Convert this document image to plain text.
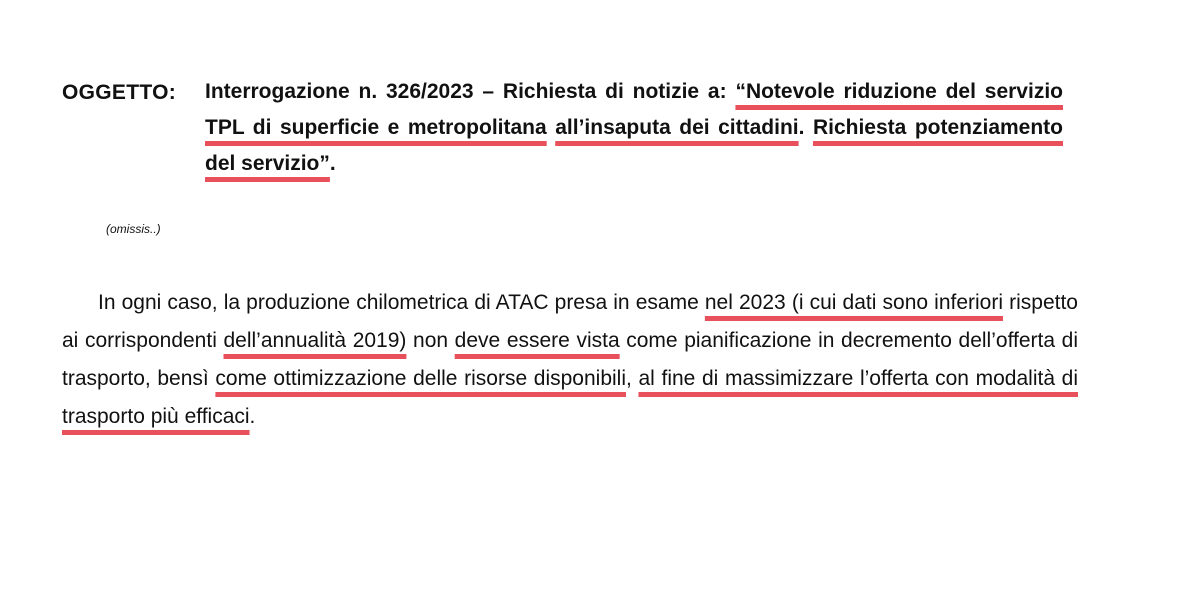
OGGETTO: Interrogazione n. 326/2023 – Richiesta di notizie a: “Notevole riduzione del servizio TPL di superficie e metropolitana all’insaputa dei cittadini. Richiesta potenziamento del servizio”.
(omissis..)
In ogni caso, la produzione chilometrica di ATAC presa in esame nel 2023 (i cui dati sono inferiori rispetto ai corrispondenti dell’annualità 2019) non deve essere vista come pianificazione in decremento dell’offerta di trasporto, bensì come ottimizzazione delle risorse disponibili, al fine di massimizzare l’offerta con modalità di trasporto più efficaci.
